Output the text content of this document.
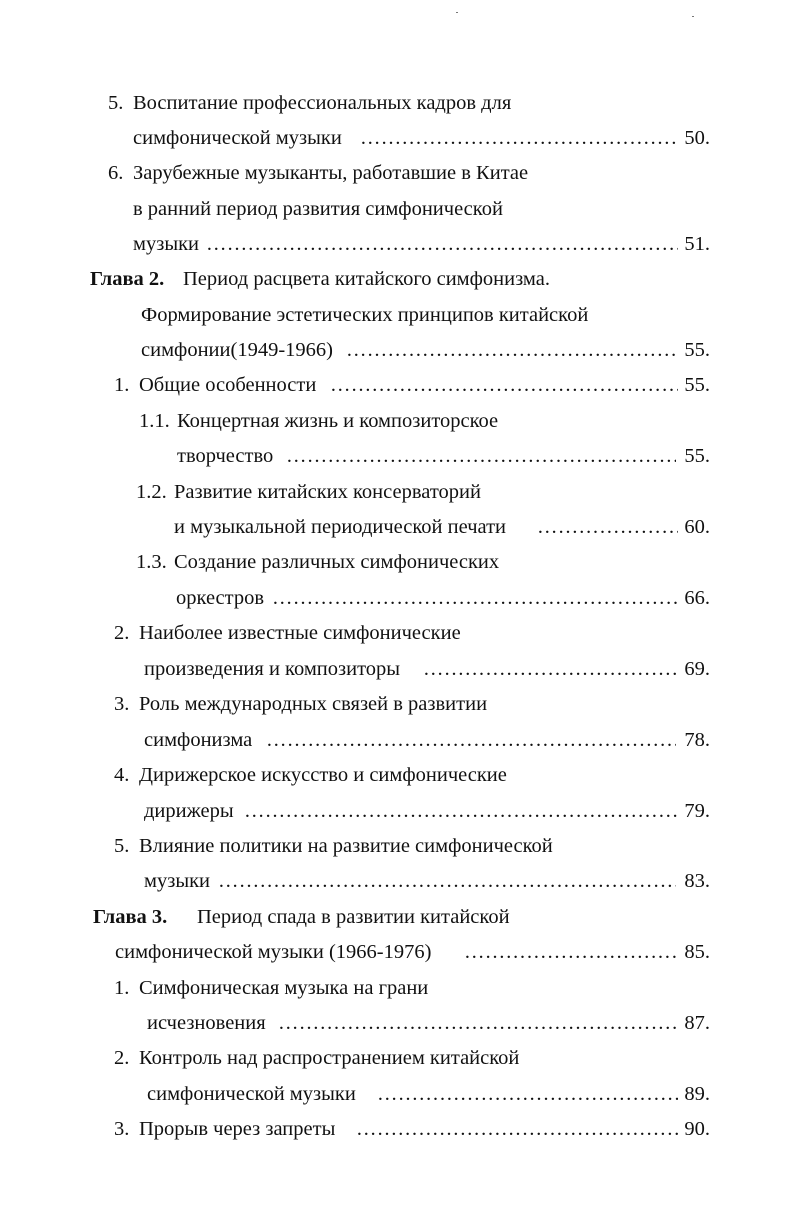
5. Воспитание профессиональных кадров для
симфонической музыки ………………………………………………………………………………………………………………………………………………………………………………………	50.
6. Зарубежные музыканты, работавшие в Китае
в ранний период развития симфонической
музыки ………………………………………………………………………………………………………………………………………………………………………………………	51.
Глава 2. Период расцвета китайского симфонизма.
Формирование эстетических принципов китайской
симфонии(1949-1966) ………………………………………………………………………………………………………………………………………………………………………………………	55.
1. Общие особенности ………………………………………………………………………………………………………………………………………………………………………………………	55.
1.1. Концертная жизнь и композиторское
творчество ………………………………………………………………………………………………………………………………………………………………………………………	55.
1.2. Развитие китайских консерваторий
и музыкальной периодической печати ………………………………………………………………………………………………………………………………………………………………………………………	60.
1.3. Создание различных симфонических
оркестров ………………………………………………………………………………………………………………………………………………………………………………………	66.
2. Наиболее известные симфонические
произведения и композиторы ………………………………………………………………………………………………………………………………………………………………………………………	69.
3. Роль международных связей в развитии
симфонизма ………………………………………………………………………………………………………………………………………………………………………………………	78.
4. Дирижерское искусство и симфонические
дирижеры ………………………………………………………………………………………………………………………………………………………………………………………	79.
5. Влияние политики на развитие симфонической
музыки ………………………………………………………………………………………………………………………………………………………………………………………	83.
Глава 3. Период спада в развитии китайской
симфонической музыки (1966-1976) ………………………………………………………………………………………………………………………………………………………………………………………	85.
1. Симфоническая музыка на грани
исчезновения ………………………………………………………………………………………………………………………………………………………………………………………	87.
2. Контроль над распространением китайской
симфонической музыки ………………………………………………………………………………………………………………………………………………………………………………………	89.
3. Прорыв через запреты ………………………………………………………………………………………………………………………………………………………………………………………	90.
